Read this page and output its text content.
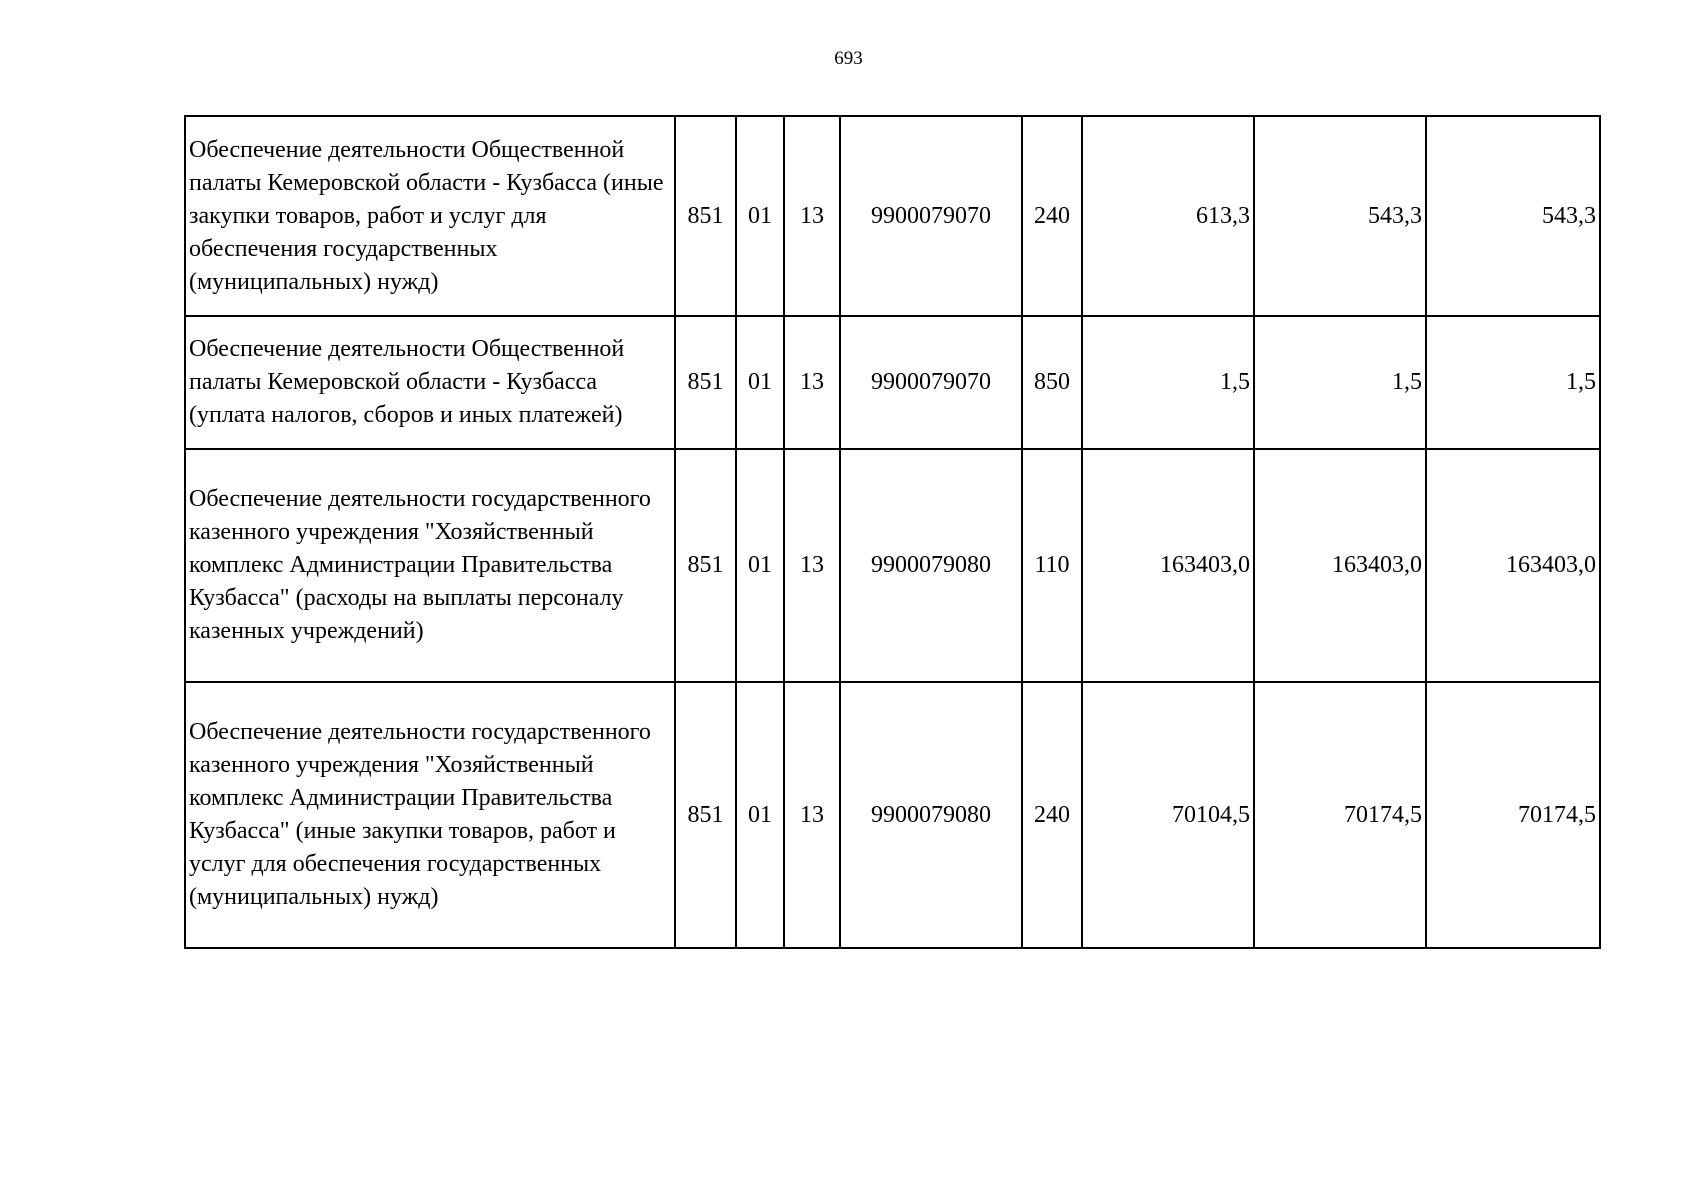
693
Обеспечение деятельности Общественной палаты Кемеровской области - Кузбасса (иные закупки товаров, работ и услуг для обеспечения государственных (муниципальных) нужд)	851	01	13	9900079070	240	613,3	543,3	543,3
Обеспечение деятельности Общественной палаты Кемеровской области - Кузбасса (уплата налогов, сборов и иных платежей)	851	01	13	9900079070	850	1,5	1,5	1,5
Обеспечение деятельности государственного казенного учреждения "Хозяйственный комплекс Администрации Правительства Кузбасса" (расходы на выплаты персоналу казенных учреждений)	851	01	13	9900079080	110	163403,0	163403,0	163403,0
Обеспечение деятельности государственного казенного учреждения "Хозяйственный комплекс Администрации Правительства Кузбасса" (иные закупки товаров, работ и услуг для обеспечения государственных (муниципальных) нужд)	851	01	13	9900079080	240	70104,5	70174,5	70174,5
